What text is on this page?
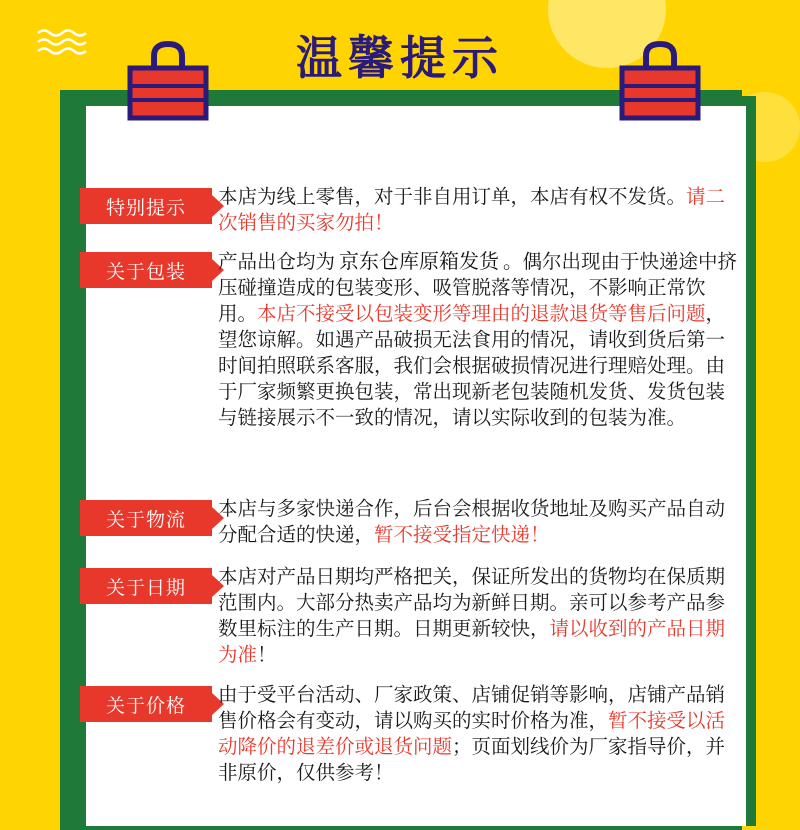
温馨提示
特别提示	本店为线上零售，对于非自用订单，本店有权不发货。请二次销售的买家勿拍！
关于包装	产品出仓均为 京东仓库原箱发货 。偶尔出现由于快递途中挤压碰撞造成的包装变形、吸管脱落等情况，不影响正常饮用。本店不接受以包装变形等理由的退款退货等售后问题，望您谅解。如遇产品破损无法食用的情况，请收到货后第一时间拍照联系客服，我们会根据破损情况进行理赔处理。由于厂家频繁更换包装，常出现新老包装随机发货、发货包装与链接展示不一致的情况，请以实际收到的包装为准。
关于物流	本店与多家快递合作，后台会根据收货地址及购买产品自动分配合适的快递，暂不接受指定快递！
关于日期	本店对产品日期均严格把关，保证所发出的货物均在保质期范围内。大部分热卖产品均为新鲜日期。亲可以参考产品参数里标注的生产日期。日期更新较快，请以收到的产品日期为准！
关于价格	由于受平台活动、厂家政策、店铺促销等影响，店铺产品销售价格会有变动，请以购买的实时价格为准，暂不接受以活动降价的退差价或退货问题；页面划线价为厂家指导价，并非原价，仅供参考！
